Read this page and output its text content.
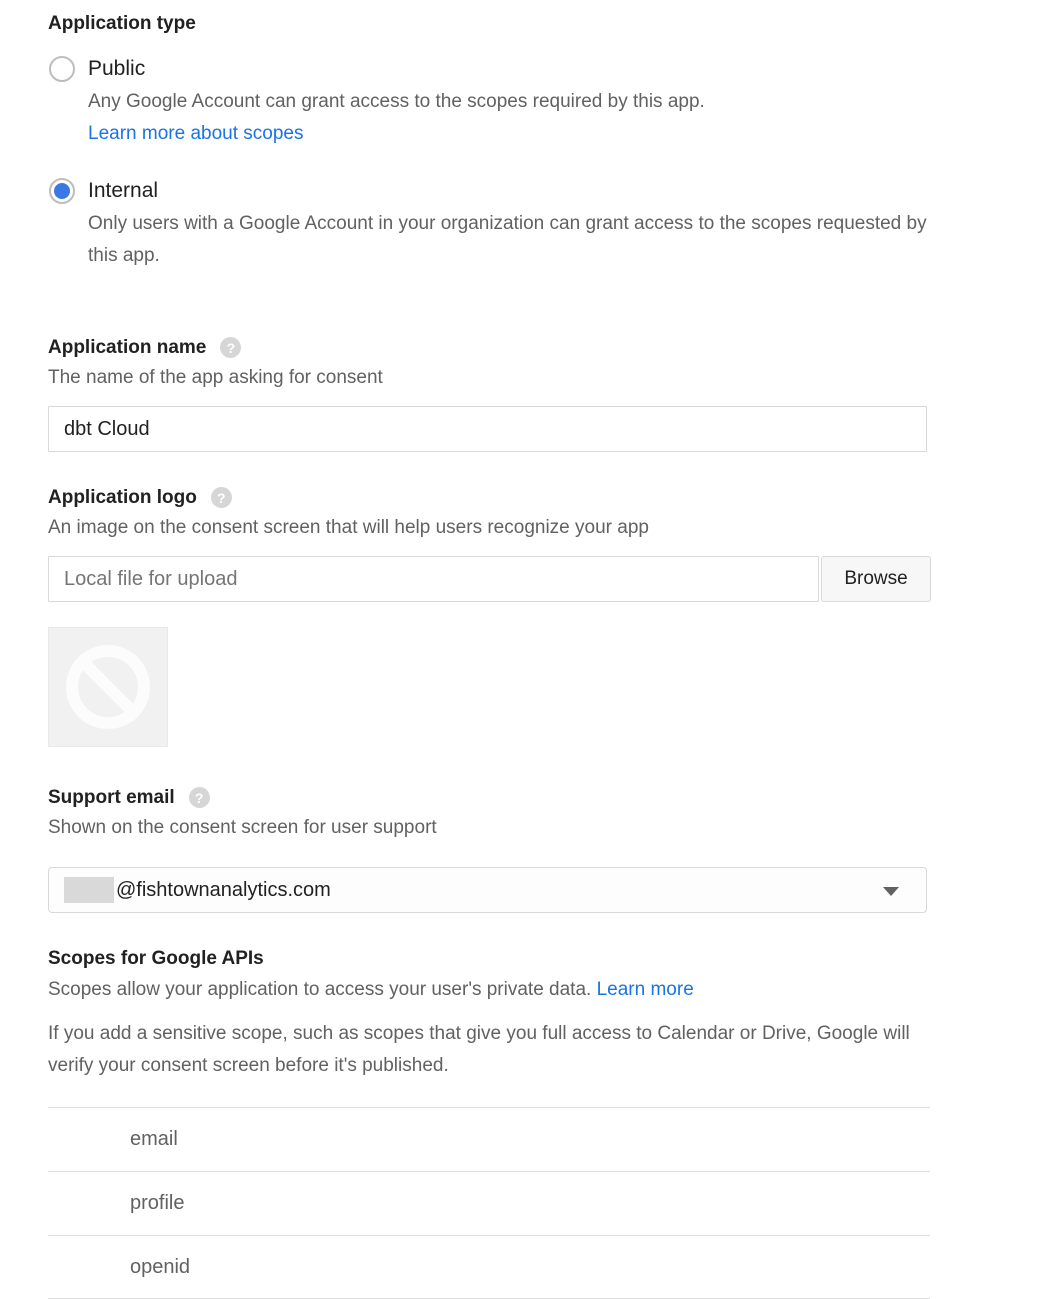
Application type
Public

Any Google Account can grant access to the scopes required by this app.

Learn more about scopes
Internal

Only users with a Google Account in your organization can grant access to the scopes requested by this app.

Application name	?

The name of the app asking for consent

dbt Cloud
Application logo	?

An image on the consent screen that will help users recognize your app

Local file for upload
Browse
Support email	?

Shown on the consent screen for user support

@fishtownanalytics.com
Scopes for Google APIs

Scopes allow your application to access your user's private data. Learn more

If you add a sensitive scope, such as scopes that give you full access to Calendar or Drive, Google will verify your consent screen before it's published.

email
profile
openid
